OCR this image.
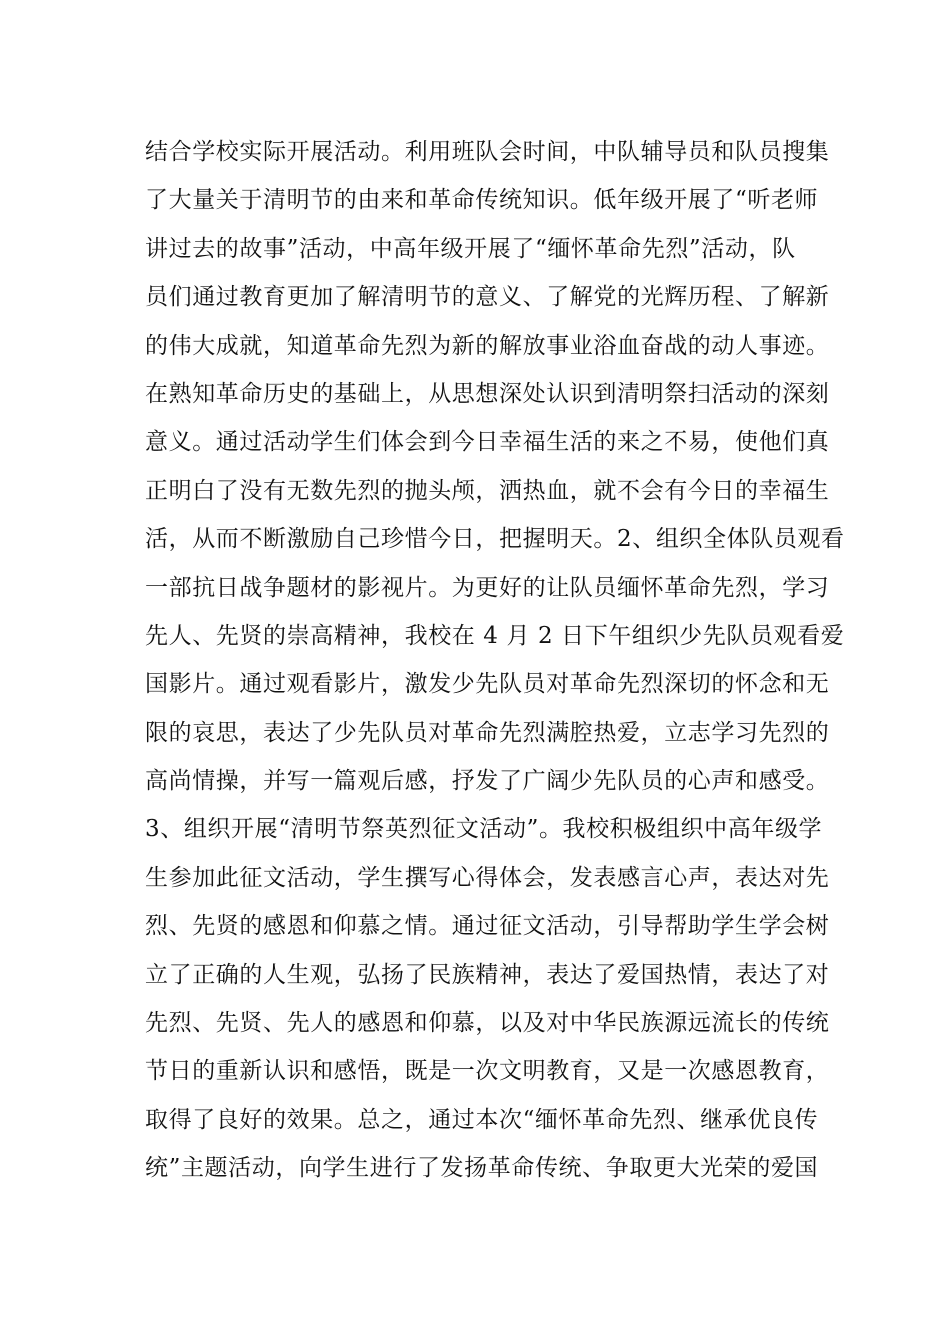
结合学校实际开展活动。利用班队会时间，中队辅导员和队员搜集
了大量关于清明节的由来和革命传统知识。低年级开展了“听老师
讲过去的故事”活动，中高年级开展了“缅怀革命先烈”活动，队
员们通过教育更加了解清明节的意义、了解党的光辉历程、了解新
的伟大成就，知道革命先烈为新的解放事业浴血奋战的动人事迹。
在熟知革命历史的基础上，从思想深处认识到清明祭扫活动的深刻
意义。通过活动学生们体会到今日幸福生活的来之不易，使他们真
正明白了没有无数先烈的抛头颅，洒热血，就不会有今日的幸福生
活，从而不断激励自己珍惜今日，把握明天。2、组织全体队员观看
一部抗日战争题材的影视片。为更好的让队员缅怀革命先烈，学习
先人、先贤的崇高精神，我校在 4 月 2 日下午组织少先队员观看爱
国影片。通过观看影片，激发少先队员对革命先烈深切的怀念和无
限的哀思，表达了少先队员对革命先烈满腔热爱，立志学习先烈的
高尚情操，并写一篇观后感，抒发了广阔少先队员的心声和感受。
3、组织开展“清明节祭英烈征文活动”。我校积极组织中高年级学
生参加此征文活动，学生撰写心得体会，发表感言心声，表达对先
烈、先贤的感恩和仰慕之情。通过征文活动，引导帮助学生学会树
立了正确的人生观，弘扬了民族精神，表达了爱国热情，表达了对
先烈、先贤、先人的感恩和仰慕，以及对中华民族源远流长的传统
节日的重新认识和感悟，既是一次文明教育，又是一次感恩教育，
取得了良好的效果。总之，通过本次“缅怀革命先烈、继承优良传
统”主题活动，向学生进行了发扬革命传统、争取更大光荣的爱国
